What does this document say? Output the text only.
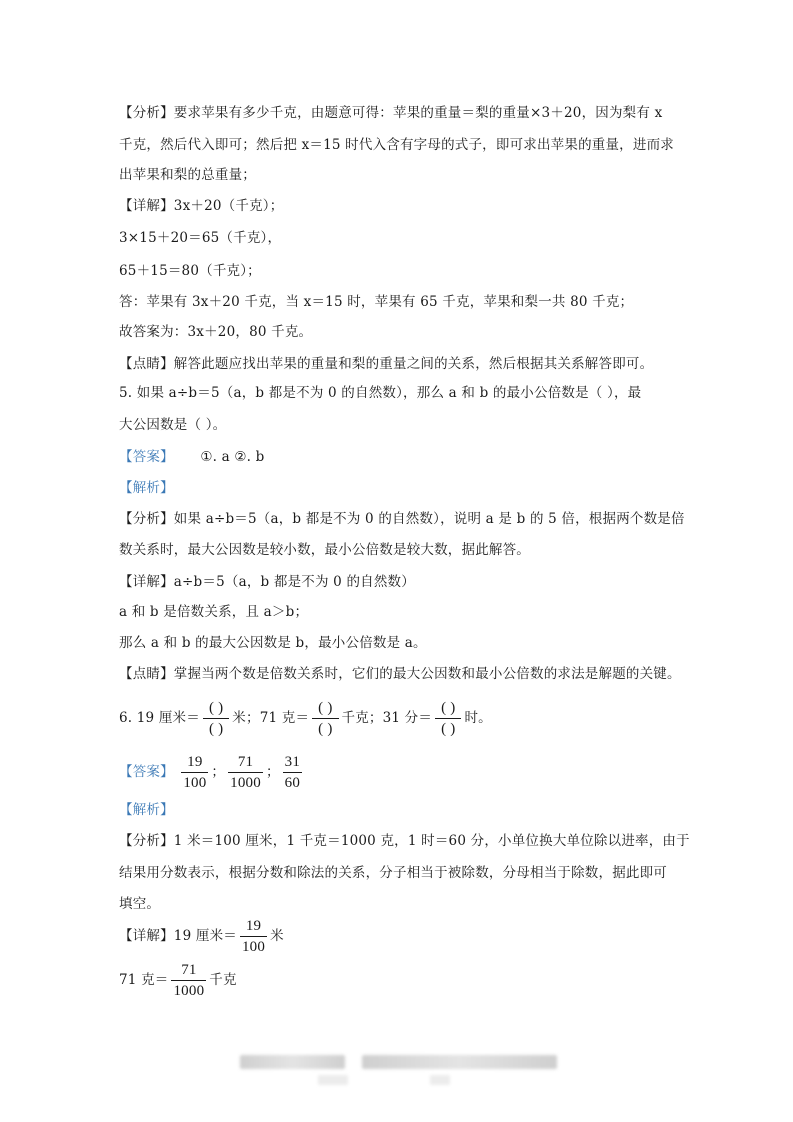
【分析】要求苹果有多少千克，由题意可得：苹果的重量＝梨的重量×3＋20，因为梨有 x
千克，然后代入即可；然后把 x＝15 时代入含有字母的式子，即可求出苹果的重量，进而求
出苹果和梨的总重量；
【详解】3x＋20（千克）；
3×15＋20＝65（千克），
65＋15＝80（千克）；
答：苹果有 3x＋20 千克，当 x＝15 时，苹果有 65 千克，苹果和梨一共 80 千克；
故答案为：3x＋20，80 千克。
【点睛】解答此题应找出苹果的重量和梨的重量之间的关系，然后根据其关系解答即可。
5. 如果 a÷b＝5（a，b 都是不为 0 的自然数），那么 a 和 b 的最小公倍数是（ ），最
大公因数是（ ）。
【答案】 ①. a ②. b
【解析】
【分析】如果 a÷b＝5（a，b 都是不为 0 的自然数），说明 a 是 b 的 5 倍，根据两个数是倍
数关系时，最大公因数是较小数，最小公倍数是较大数，据此解答。
【详解】a÷b＝5（a，b 都是不为 0 的自然数）
a 和 b 是倍数关系，且 a＞b；
那么 a 和 b 的最大公因数是 b，最小公倍数是 a。
【点睛】掌握当两个数是倍数关系时，它们的最大公因数和最小公倍数的求法是解题的关键。
6. 19 厘米＝ $\frac{( )}{( )}$ 米；71 克＝ $\frac{( )}{( )}$ 千克；31 分＝ $\frac{( )}{( )}$ 时。
【答案】 $\frac{19}{100}$ ； $\frac{71}{1000}$ ； $\frac{31}{60}$
【解析】
【分析】1 米＝100 厘米，1 千克＝1000 克，1 时＝60 分，小单位换大单位除以进率，由于
结果用分数表示，根据分数和除法的关系，分子相当于被除数，分母相当于除数，据此即可
填空。
【详解】19 厘米＝ $\frac{19}{100}$ 米
71 克＝ $\frac{71}{1000}$ 千克
